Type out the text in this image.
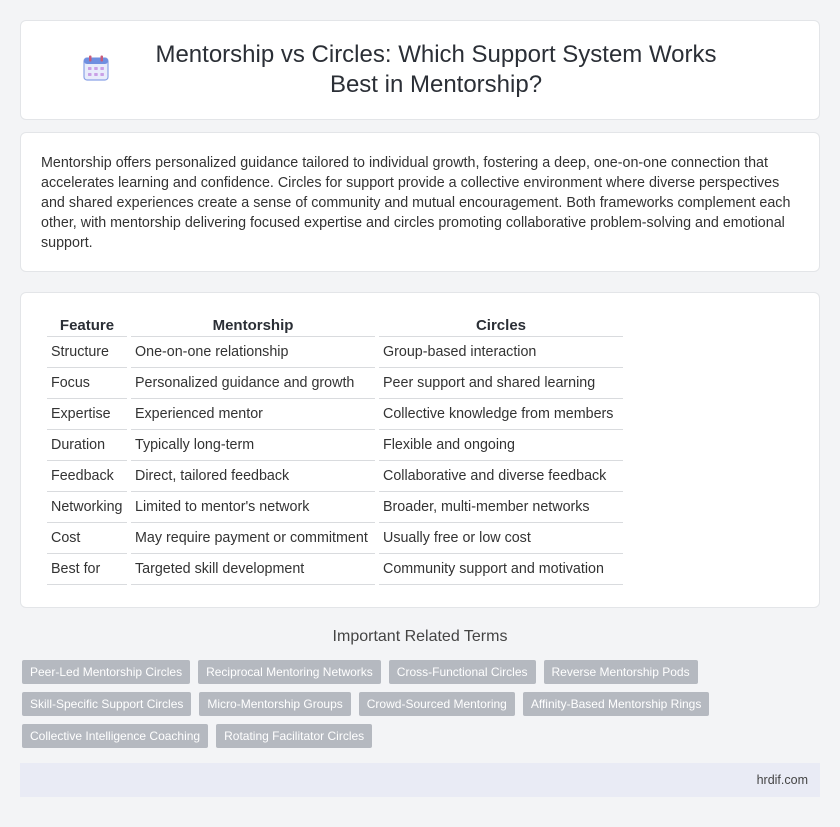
Mentorship vs Circles: Which Support System Works Best in Mentorship?

Mentorship offers personalized guidance tailored to individual growth, fostering a deep, one-on-one connection that accelerates learning and confidence. Circles for support provide a collective environment where diverse perspectives and shared experiences create a sense of community and mutual encouragement. Both frameworks complement each other, with mentorship delivering focused expertise and circles promoting collaborative problem-solving and emotional support.

Feature	Mentorship	Circles
Structure	One-on-one relationship	Group-based interaction
Focus	Personalized guidance and growth	Peer support and shared learning
Expertise	Experienced mentor	Collective knowledge from members
Duration	Typically long-term	Flexible and ongoing
Feedback	Direct, tailored feedback	Collaborative and diverse feedback
Networking	Limited to mentor's network	Broader, multi-member networks
Cost	May require payment or commitment	Usually free or low cost
Best for	Targeted skill development	Community support and motivation
Important Related Terms
Peer-Led Mentorship Circles	Reciprocal Mentoring Networks	Cross-Functional Circles	Reverse Mentorship Pods
Skill-Specific Support Circles	Micro-Mentorship Groups	Crowd-Sourced Mentoring	Affinity-Based Mentorship Rings
Collective Intelligence Coaching	Rotating Facilitator Circles
hrdif.com
